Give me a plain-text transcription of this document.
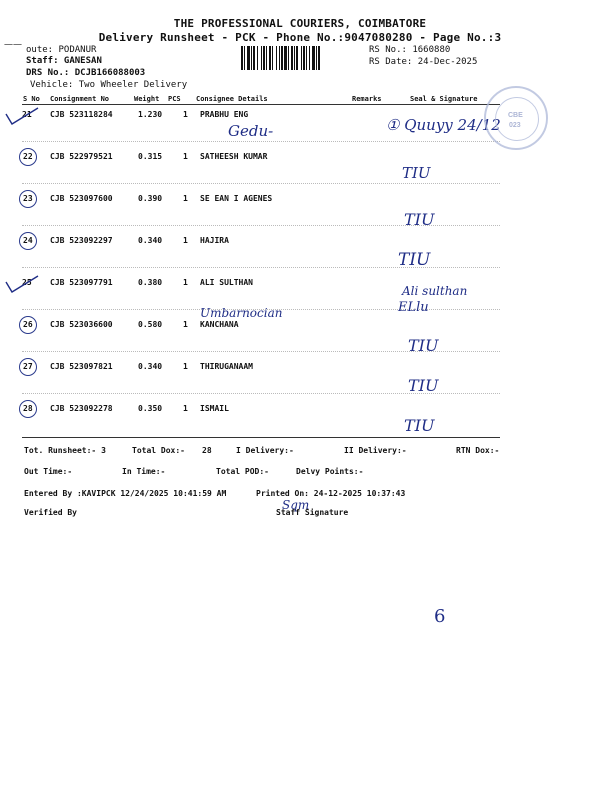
THE PROFESSIONAL COURIERS, COIMBATORE
Delivery Runsheet - PCK - Phone No.:9047080280 - Page No.:3
oute: PODANUR
——
Staff: GANESAN
DRS No.: DCJB166088003
Vehicle: Two Wheeler Delivery
RS No.: 1660880
RS Date: 24-Dec-2025
S No Consignment No	Weight PCS Consignee Details	Remarks	Seal & Signature
21 CJB 523118284	1.230	1 PRABHU ENG
22 CJB 522979521	0.315	1 SATHEESH KUMAR
23 CJB 523097600	0.390	1 SE EAN I AGENES
24 CJB 523092297	0.340	1 HAJIRA
25 CJB 523097791	0.380	1 ALI SULTHAN
26 CJB 523036600	0.580	1 KANCHANA
27 CJB 523097821	0.340	1 THIRUGANAAM
28 CJB 523092278	0.350	1 ISMAIL
Gedu-	① Quuyy 24/12
TIU
TIU
TIU
Ali sulthan
ELlu
Umbarnocian
TIU
TIU
TIU
CBE
023
Tot. Runsheet:- 3	Total Dox:- 28	I Delivery:-	II Delivery:-	RTN Dox:-
Out Time:-	In Time:-	Total POD:-	Delvy Points:-
Entered By :KAVIPCK 12/24/2025 10:41:59 AM	Printed On: 24-12-2025 10:37:43
Verified By	Staff Signature
Sqm
6
